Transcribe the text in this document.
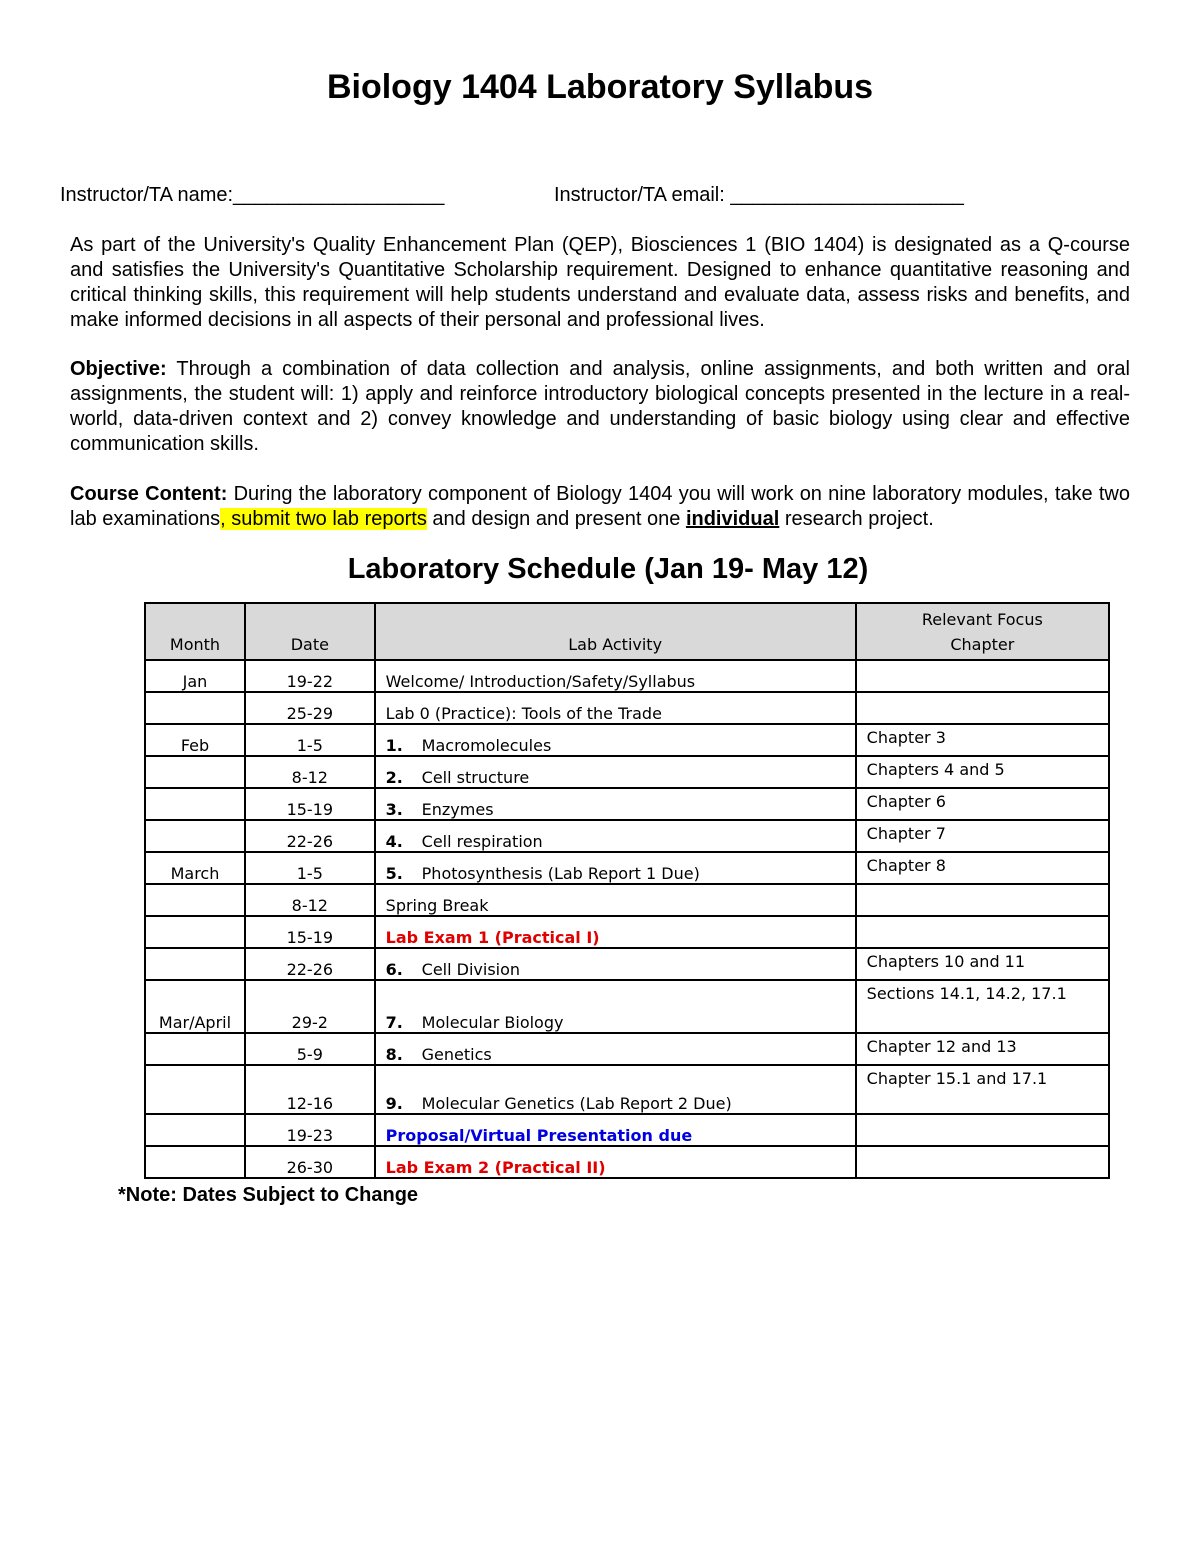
Biology 1404 Laboratory Syllabus
Instructor/TA name:___________________	Instructor/TA email: _____________________

As part of the University's Quality Enhancement Plan (QEP), Biosciences 1 (BIO 1404) is designated as a Q-course and satisfies the University's Quantitative Scholarship requirement. Designed to enhance quantitative reasoning and critical thinking skills, this requirement will help students understand and evaluate data, assess risks and benefits, and make informed decisions in all aspects of their personal and professional lives.

Objective: Through a combination of data collection and analysis, online assignments, and both written and oral assignments, the student will: 1) apply and reinforce introductory biological concepts presented in the lecture in a real-world, data-driven context and 2) convey knowledge and understanding of basic biology using clear and effective communication skills.

Course Content: During the laboratory component of Biology 1404 you will work on nine laboratory modules, take two lab examinations, submit two lab reports and design and present one individual research project.

Laboratory Schedule (Jan 19- May 12)
Month	Date	Lab Activity	Relevant Focus
Chapter
Jan	19-22	Welcome/ Introduction/Safety/Syllabus	
	25-29	Lab 0 (Practice): Tools of the Trade	
Feb	1-5	1. Macromolecules	Chapter 3
	8-12	2. Cell structure	Chapters 4 and 5
	15-19	3. Enzymes	Chapter 6
	22-26	4. Cell respiration	Chapter 7
March	1-5	5. Photosynthesis (Lab Report 1 Due)	Chapter 8
	8-12	Spring Break	
	15-19	Lab Exam 1 (Practical I)	
	22-26	6. Cell Division	Chapters 10 and 11
Mar/April	29-2	7. Molecular Biology	Sections 14.1, 14.2, 17.1
	5-9	8. Genetics	Chapter 12 and 13
	12-16	9. Molecular Genetics (Lab Report 2 Due)	Chapter 15.1 and 17.1
	19-23	Proposal/Virtual Presentation due	
	26-30	Lab Exam 2 (Practical II)	
*Note: Dates Subject to Change
